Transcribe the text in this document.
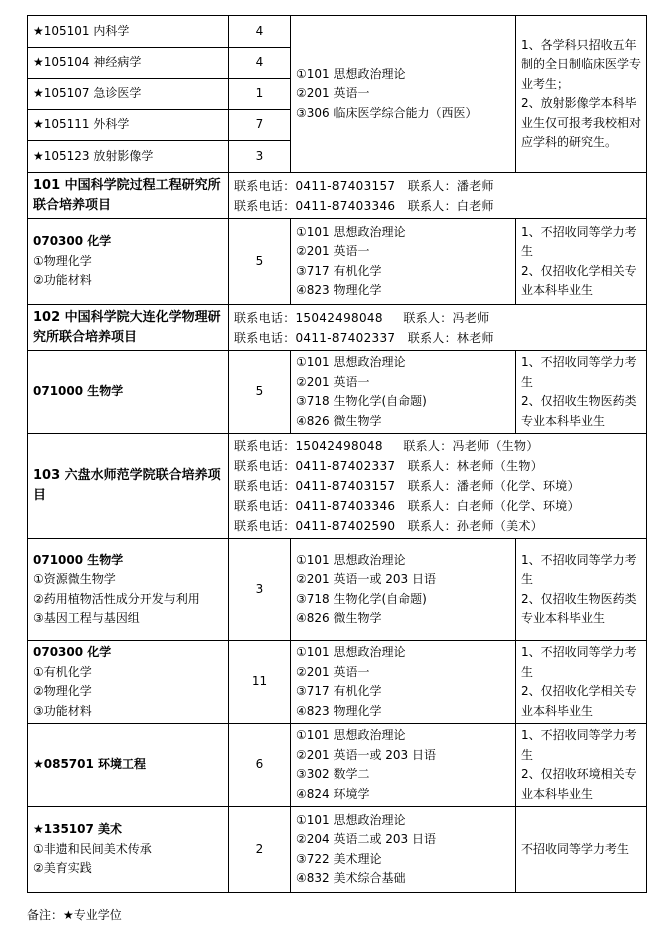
★105101 内科学	4	①101 思想政治理论
②201 英语一
③306 临床医学综合能力（西医）	1、各学科只招收五年制的全日制临床医学专业考生；
2、放射影像学本科毕业生仅可报考我校相对应学科的研究生。
★105104 神经病学	4		
★105107 急诊医学	1		
★105111 外科学	7		
★105123 放射影像学	3		
101 中国科学院过程工程研究所联合培养项目	联系电话：0411-87403157   联系人：潘老师
联系电话：0411-87403346   联系人：白老师		

070300 化学
①物理化学
②功能材料	5	①101 思想政治理论
②201 英语一
③717 有机化学
④823 物理化学	1、不招收同等学力考生
2、仅招收化学相关专业本科毕业生
102 中国科学院大连化学物理研究所联合培养项目	联系电话：15042498048     联系人：冯老师
联系电话：0411-87402337   联系人：林老师		

071000 生物学	5	①101 思想政治理论
②201 英语一
③718 生物化学(自命题)
④826 微生物学	1、不招收同等学力考生
2、仅招收生物医药类专业本科毕业生
103 六盘水师范学院联合培养项目	联系电话：15042498048     联系人：冯老师（生物）
联系电话：0411-87402337   联系人：林老师（生物）
联系电话：0411-87403157   联系人：潘老师（化学、环境）
联系电话：0411-87403346   联系人：白老师（化学、环境）
联系电话：0411-87402590   联系人：孙老师（美术）		

071000 生物学
①资源微生物学
②药用植物活性成分开发与利用
③基因工程与基因组	3	①101 思想政治理论
②201 英语一或 203 日语
③718 生物化学(自命题)
④826 微生物学	1、不招收同等学力考生
2、仅招收生物医药类专业本科毕业生

070300 化学
①有机化学
②物理化学
③功能材料	11	①101 思想政治理论
②201 英语一
③717 有机化学
④823 物理化学	1、不招收同等学力考生
2、仅招收化学相关专业本科毕业生
★085701 环境工程	6	①101 思想政治理论
②201 英语一或 203 日语
③302 数学二
④824 环境学	1、不招收同等学力考生
2、仅招收环境相关专业本科毕业生

★135107 美术
①非遗和民间美术传承
②美育实践	2	①101 思想政治理论
②204 英语二或 203 日语
③722 美术理论
④832 美术综合基础	不招收同等学力考生
备注：★专业学位
